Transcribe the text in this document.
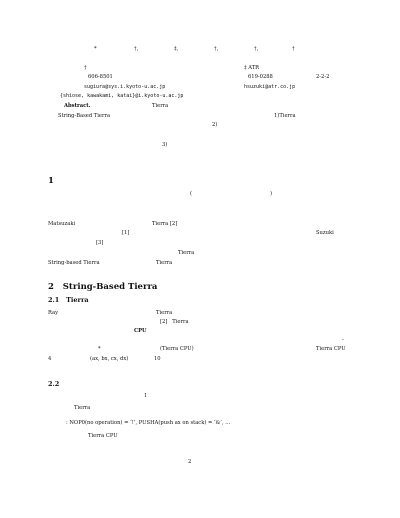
*	†,	‡,	†,	†,	†
†	‡ ATR
606-8501	619-0288	2-2-2
sugiura@sys.i.kyoto-u.ac.jp	hsuzuki@atr.co.jp
{shiose, kawakami, katai}@i.kyoto-u.ac.jp
Abstract.	Tierra
String-Based Tierra	1)Tierra
2)
3)
1
(	)
Matsuzaki	Tierra [2]
[1]	Suzuki
[3]
Tierra
String-based Tierra	Tierra
2   String-Based Tierra
2.1   Tierra
Ray	Tierra
[2]   Tierra
CPU
-
*	(Tierra CPU)	Tierra CPU
4	(ax, bx, cx, dx)	10
2.2
1
Tierra
: NOP0(no operation) = ‘!’, PUSHA(push ax on stack) = ‘&’, ...
Tierra CPU
2
